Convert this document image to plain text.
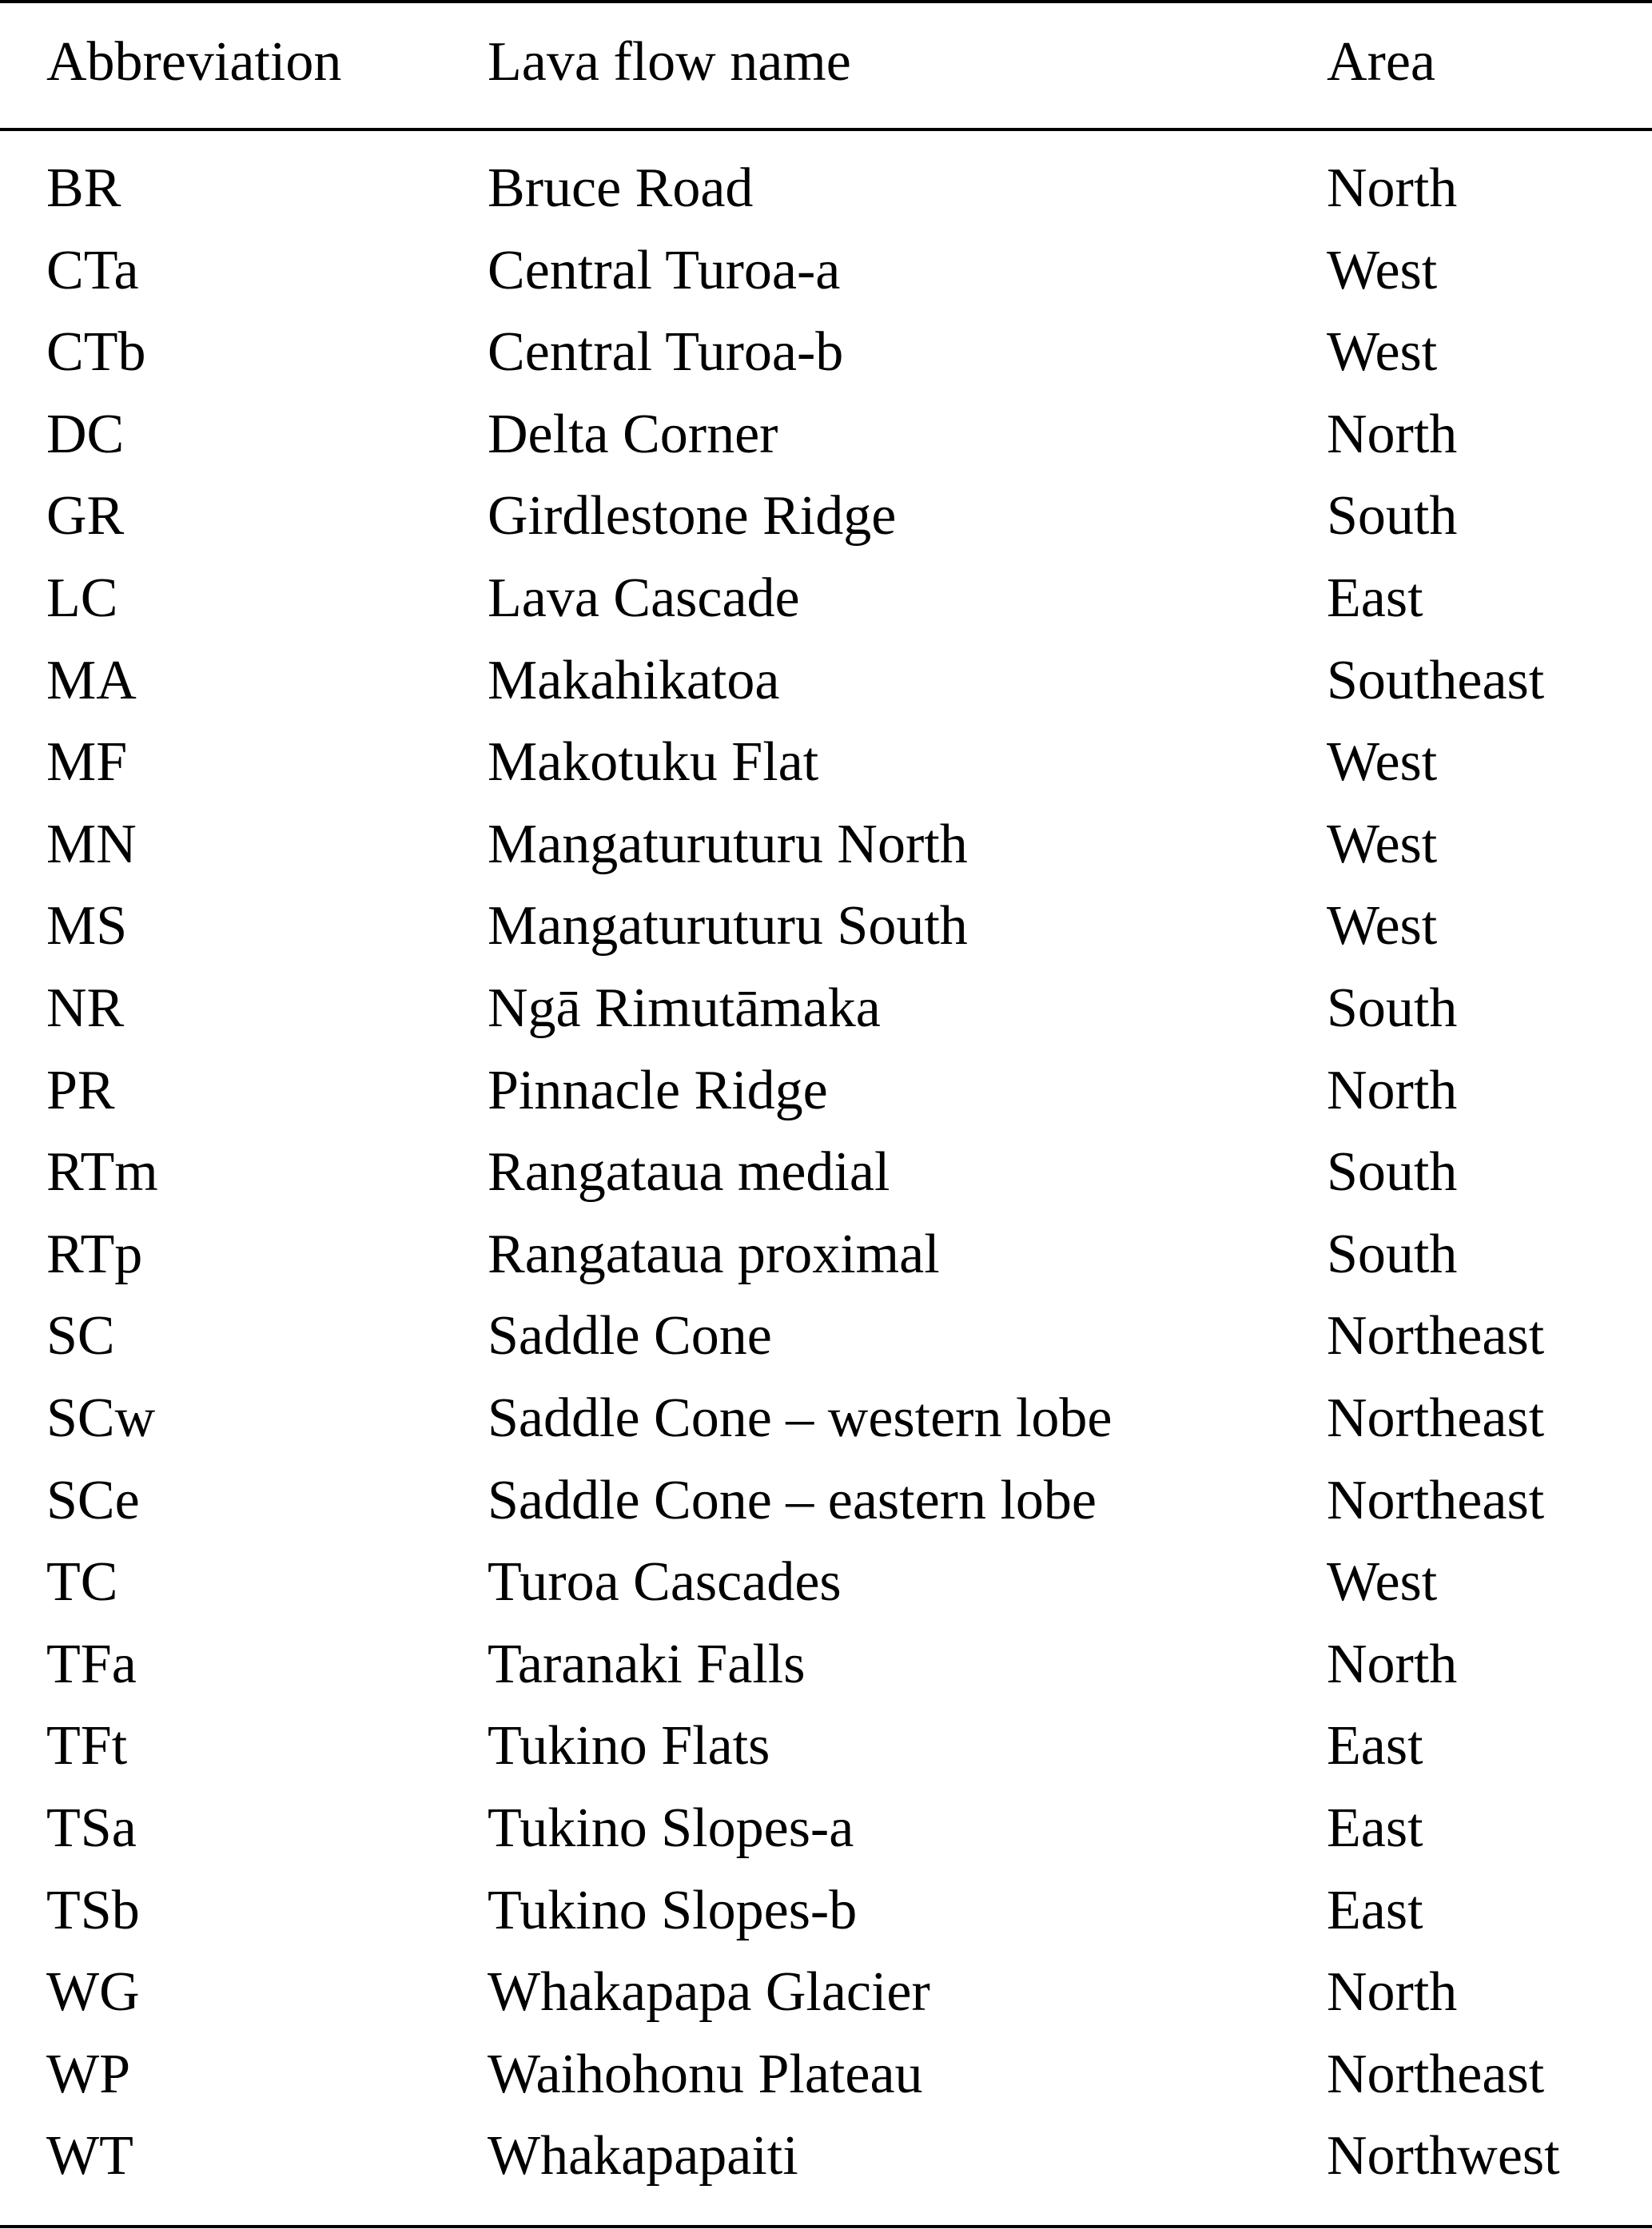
Abbreviation	Lava flow name	Area
BR	Bruce Road	North
CTa	Central Turoa-a	West
CTb	Central Turoa-b	West
DC	Delta Corner	North
GR	Girdlestone Ridge	South
LC	Lava Cascade	East
MA	Makahikatoa	Southeast
MF	Makotuku Flat	West
MN	Mangaturuturu North	West
MS	Mangaturuturu South	West
NR	Ngā Rimutāmaka	South
PR	Pinnacle Ridge	North
RTm	Rangataua medial	South
RTp	Rangataua proximal	South
SC	Saddle Cone	Northeast
SCw	Saddle Cone – western lobe	Northeast
SCe	Saddle Cone – eastern lobe	Northeast
TC	Turoa Cascades	West
TFa	Taranaki Falls	North
TFt	Tukino Flats	East
TSa	Tukino Slopes-a	East
TSb	Tukino Slopes-b	East
WG	Whakapapa Glacier	North
WP	Waihohonu Plateau	Northeast
WT	Whakapapaiti	Northwest
